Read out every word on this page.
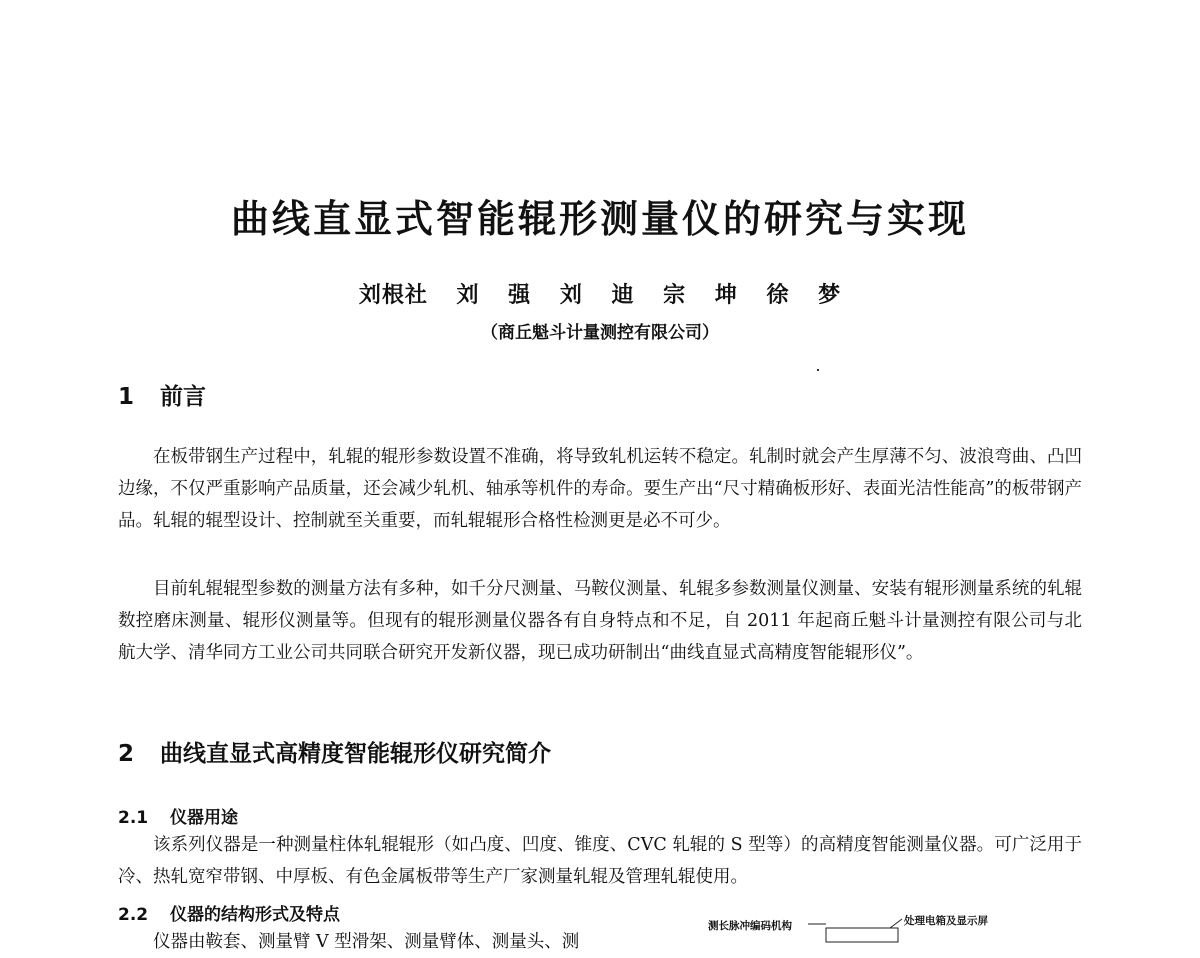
曲线直显式智能辊形测量仪的研究与实现
刘根社 刘 强 刘 迪 宗 坤 徐 梦
（商丘魁斗计量测控有限公司）
1 前言

在板带钢生产过程中，轧辊的辊形参数设置不准确，将导致轧机运转不稳定。轧制时就会产生厚薄不匀、波浪弯曲、凸凹边缘，不仅严重影响产品质量，还会减少轧机、轴承等机件的寿命。要生产出“尺寸精确板形好、表面光洁性能高”的板带钢产品。轧辊的辊型设计、控制就至关重要，而轧辊辊形合格性检测更是必不可少。

目前轧辊辊型参数的测量方法有多种，如千分尺测量、马鞍仪测量、轧辊多参数测量仪测量、安装有辊形测量系统的轧辊数控磨床测量、辊形仪测量等。但现有的辊形测量仪器各有自身特点和不足，自 2011 年起商丘魁斗计量测控有限公司与北航大学、清华同方工业公司共同联合研究开发新仪器，现已成功研制出“曲线直显式高精度智能辊形仪”。

2 曲线直显式高精度智能辊形仪研究简介
2.1 仪器用途

该系列仪器是一种测量柱体轧辊辊形（如凸度、凹度、锥度、CVC 轧辊的 S 型等）的高精度智能测量仪器。可广泛用于冷、热轧宽窄带钢、中厚板、有色金属板带等生产厂家测量轧辊及管理轧辊使用。

2.2 仪器的结构形式及特点
仪器由鞍套、测量臂 V 型滑架、测量臂体、测量头、测
测长脉冲编码机构	处理电箱及显示屏
